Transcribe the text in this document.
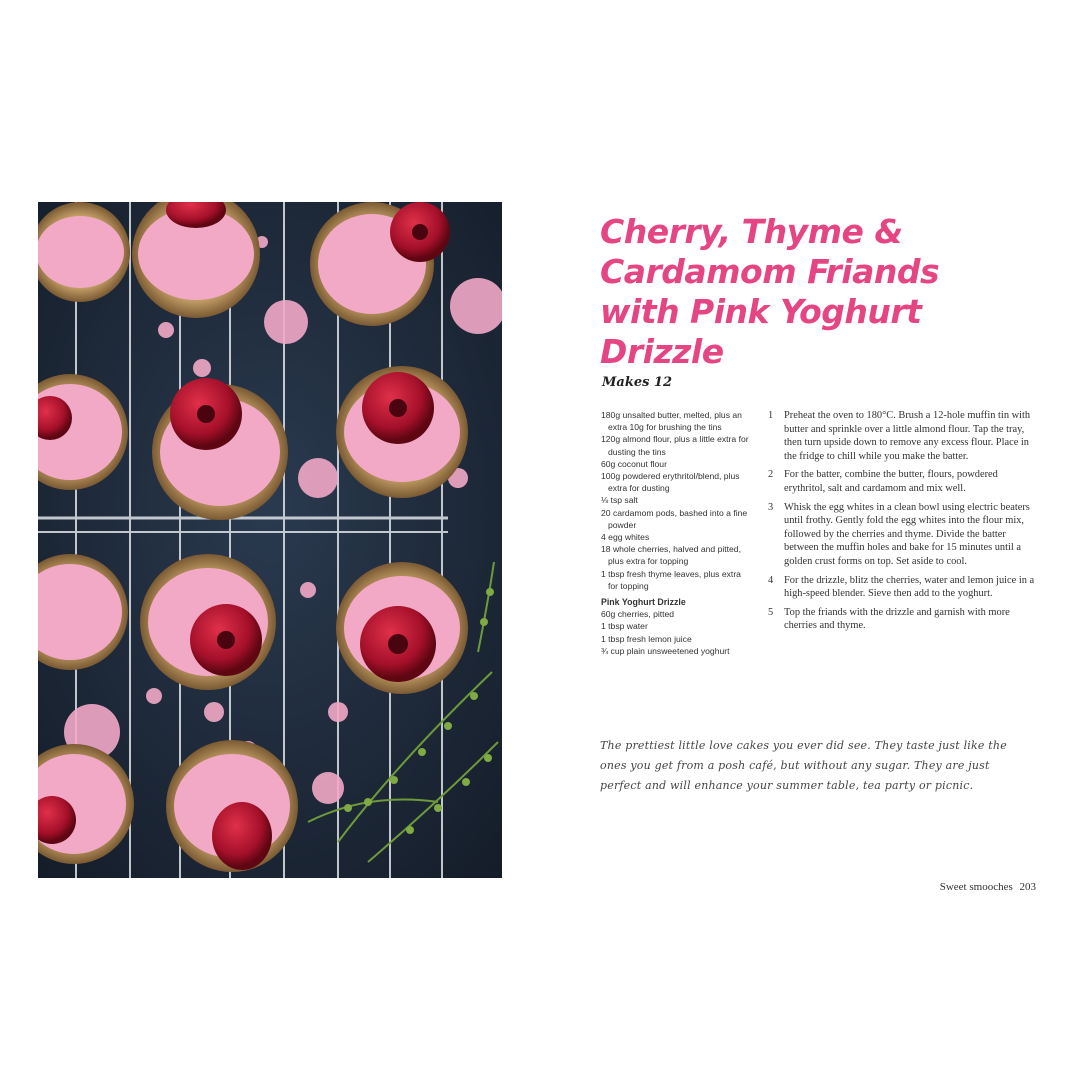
Cherry, Thyme & Cardamom Friands with Pink Yoghurt Drizzle
Makes 12
180g unsalted butter, melted, plus an extra 10g for brushing the tins
120g almond flour, plus a little extra for dusting the tins
60g coconut flour
100g powdered erythritol/blend, plus extra for dusting
⅛ tsp salt
20 cardamom pods, bashed into a fine powder
4 egg whites
18 whole cherries, halved and pitted, plus extra for topping
1 tbsp fresh thyme leaves, plus extra for topping
Pink Yoghurt Drizzle
60g cherries, pitted
1 tbsp water
1 tbsp fresh lemon juice
¾ cup plain unsweetened yoghurt
1	Preheat the oven to 180°C. Brush a 12-hole muffin tin with butter and sprinkle over a little almond flour. Tap the tray, then turn upside down to remove any excess flour. Place in the fridge to chill while you make the batter.
2	For the batter, combine the butter, flours, powdered erythritol, salt and cardamom and mix well.
3	Whisk the egg whites in a clean bowl using electric beaters until frothy. Gently fold the egg whites into the flour mix, followed by the cherries and thyme. Divide the batter between the muffin holes and bake for 15 minutes until a golden crust forms on top. Set aside to cool.
4	For the drizzle, blitz the cherries, water and lemon juice in a high-speed blender. Sieve then add to the yoghurt.
5	Top the friands with the drizzle and garnish with more cherries and thyme.
The prettiest little love cakes you ever did see. They taste just like the ones you get from a posh café, but without any sugar. They are just perfect and will enhance your summer table, tea party or picnic.
Sweet smooches 203
